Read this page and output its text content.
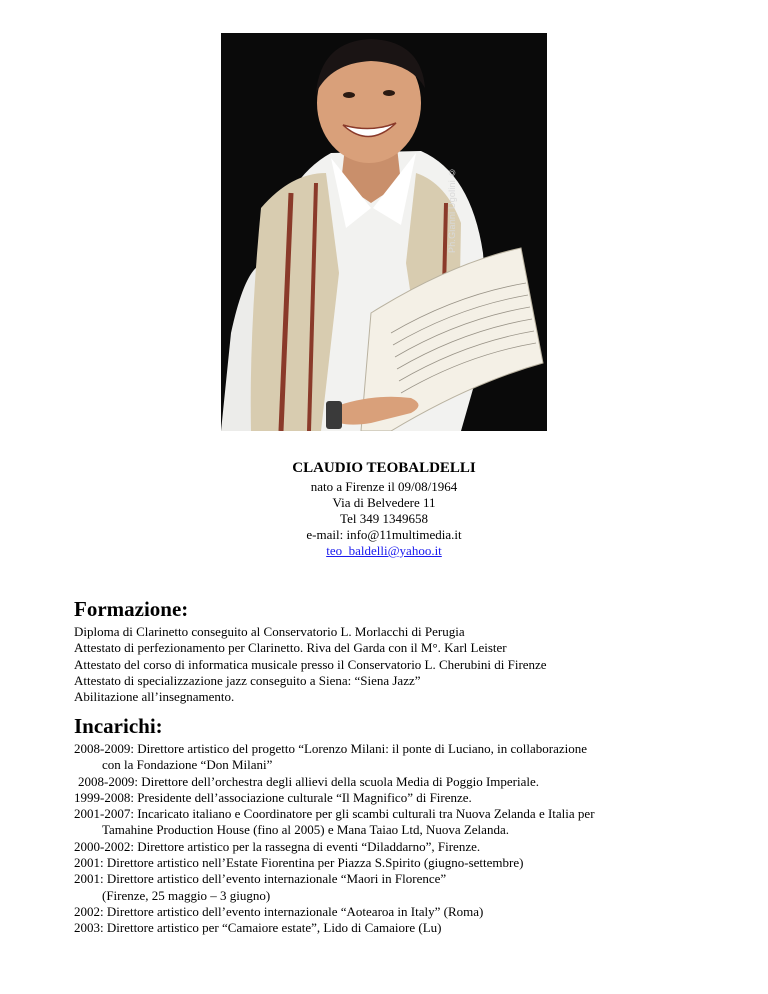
Ph.Gianni Ugolini ©
CLAUDIO TEOBALDELLI
nato a Firenze il 09/08/1964
Via di Belvedere 11
Tel 349 1349658
e-mail: info@11multimedia.it
teo_baldelli@yahoo.it
Formazione:
Diploma di Clarinetto conseguito al Conservatorio L. Morlacchi di Perugia
Attestato di perfezionamento per Clarinetto. Riva del Garda con il M°. Karl Leister
Attestato del corso di informatica musicale presso il Conservatorio L. Cherubini di Firenze
Attestato di specializzazione jazz conseguito a Siena: “Siena Jazz”
Abilitazione all’insegnamento.
Incarichi:
2008-2009: Direttore artistico del progetto “Lorenzo Milani: il ponte di Luciano, in collaborazione
con la Fondazione “Don Milani”
2008-2009: Direttore dell’orchestra degli allievi della scuola Media di Poggio Imperiale.
1999-2008: Presidente dell’associazione culturale “Il Magnifico” di Firenze.
2001-2007: Incaricato italiano e Coordinatore per gli scambi culturali tra Nuova Zelanda e Italia per
Tamahine Production House (fino al 2005) e Mana Taiao Ltd, Nuova Zelanda.
2000-2002: Direttore artistico per la rassegna di eventi “Diladdarno”, Firenze.
2001: Direttore artistico nell’Estate Fiorentina per Piazza S.Spirito (giugno-settembre)
2001: Direttore artistico dell’evento internazionale “Maori in Florence”
(Firenze, 25 maggio – 3 giugno)
2002: Direttore artistico dell’evento internazionale “Aotearoa in Italy” (Roma)
2003: Direttore artistico per “Camaiore estate”, Lido di Camaiore (Lu)
